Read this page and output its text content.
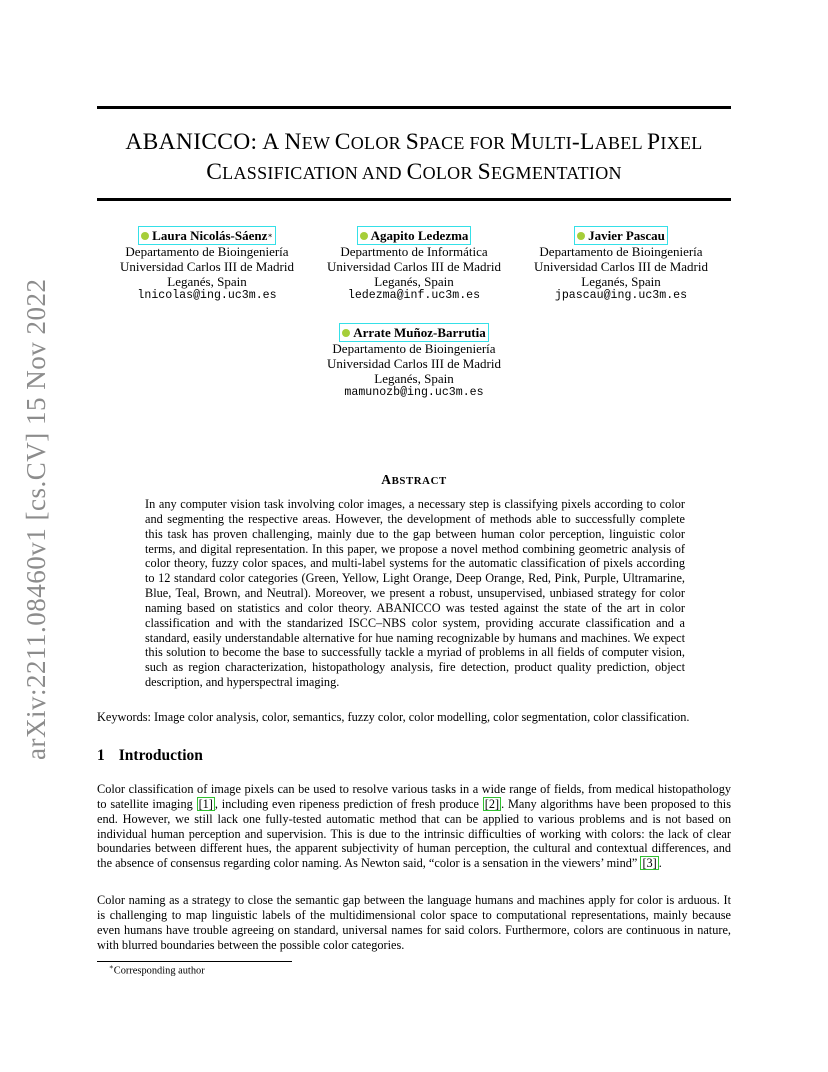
arXiv:2211.08460v1 [cs.CV] 15 Nov 2022
ABANICCO: A NEW COLOR SPACE FOR MULTI-LABEL PIXEL
CLASSIFICATION AND COLOR SEGMENTATION
Laura Nicolás-Sáenz∗
Departamento de Bioingeniería
Universidad Carlos III de Madrid
Leganés, Spain
lnicolas@ing.uc3m.es
Agapito Ledezma
Departmento de Informática
Universidad Carlos III de Madrid
Leganés, Spain
ledezma@inf.uc3m.es
Javier Pascau
Departamento de Bioingeniería
Universidad Carlos III de Madrid
Leganés, Spain
jpascau@ing.uc3m.es
Arrate Muñoz-Barrutia
Departamento de Bioingeniería
Universidad Carlos III de Madrid
Leganés, Spain
mamunozb@ing.uc3m.es
ABSTRACT
In any computer vision task involving color images, a necessary step is classifying pixels according to color and segmenting the respective areas. However, the development of methods able to successfully complete this task has proven challenging, mainly due to the gap between human color perception, linguistic color terms, and digital representation. In this paper, we propose a novel method combining geometric analysis of color theory, fuzzy color spaces, and multi-label systems for the automatic classification of pixels according to 12 standard color categories (Green, Yellow, Light Orange, Deep Orange, Red, Pink, Purple, Ultramarine, Blue, Teal, Brown, and Neutral). Moreover, we present a robust, unsupervised, unbiased strategy for color naming based on statistics and color theory. ABANICCO was tested against the state of the art in color classification and with the standarized ISCC–NBS color system, providing accurate classification and a standard, easily understandable alternative for hue naming recognizable by humans and machines. We expect this solution to become the base to successfully tackle a myriad of problems in all fields of computer vision, such as region characterization, histopathology analysis, fire detection, product quality prediction, object description, and hyperspectral imaging.
Keywords: Image color analysis, color, semantics, fuzzy color, color modelling, color segmentation, color classification.
1 Introduction
Color classification of image pixels can be used to resolve various tasks in a wide range of fields, from medical histopathology to satellite imaging [1] , including even ripeness prediction of fresh produce [2] . Many algorithms have been proposed to this end. However, we still lack one fully-tested automatic method that can be applied to various problems and is not based on individual human perception and supervision. This is due to the intrinsic difficulties of working with colors: the lack of clear boundaries between different hues, the apparent subjectivity of human perception, the cultural and contextual differences, and the absence of consensus regarding color naming. As Newton said, “color is a sensation in the viewers’ mind” [3] .
Color naming as a strategy to close the semantic gap between the language humans and machines apply for color is arduous. It is challenging to map linguistic labels of the multidimensional color space to computational representations, mainly because even humans have trouble agreeing on standard, universal names for said colors. Furthermore, colors are continuous in nature, with blurred boundaries between the possible color categories.
∗Corresponding author
